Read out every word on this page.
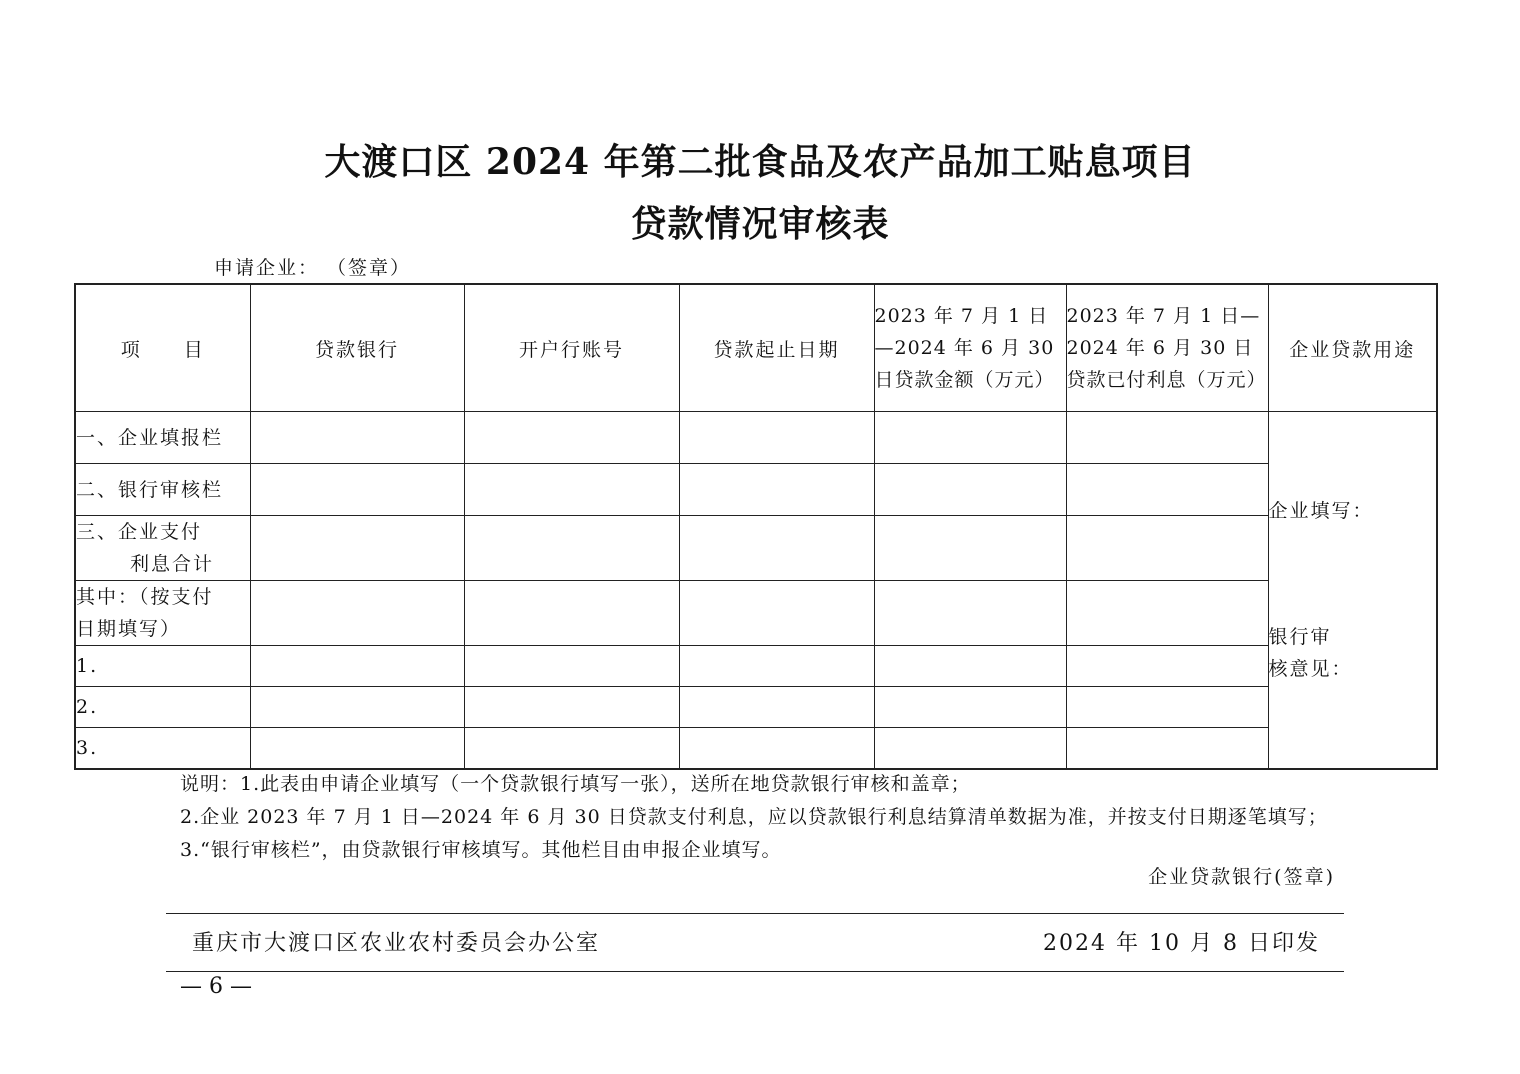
大渡口区 2024 年第二批食品及农产品加工贴息项目
贷款情况审核表
申请企业： （签章）
项　　目	贷款银行	开户行账号	贷款起止日期	2023 年 7 月 1 日—2024 年 6 月 30 日贷款金额（万元）	2023 年 7 月 1 日—2024 年 6 月 30 日贷款已付利息（万元）	企业贷款用途
一、企业填报栏						企业填写：
银行审
核意见：

二、银行审核栏						

三、企业支付
利息合计						

其中：（按支付
日期填写）						

1.						
2.						
3.						
说明：1.此表由申请企业填写（一个贷款银行填写一张），送所在地贷款银行审核和盖章；
2.企业 2023 年 7 月 1 日—2024 年 6 月 30 日贷款支付利息，应以贷款银行利息结算清单数据为准，并按支付日期逐笔填写；
3.“银行审核栏”，由贷款银行审核填写。其他栏目由申报企业填写。
企业贷款银行(签章)
重庆市大渡口区农业农村委员会办公室	2024 年 10 月 8 日印发
— 6 —
